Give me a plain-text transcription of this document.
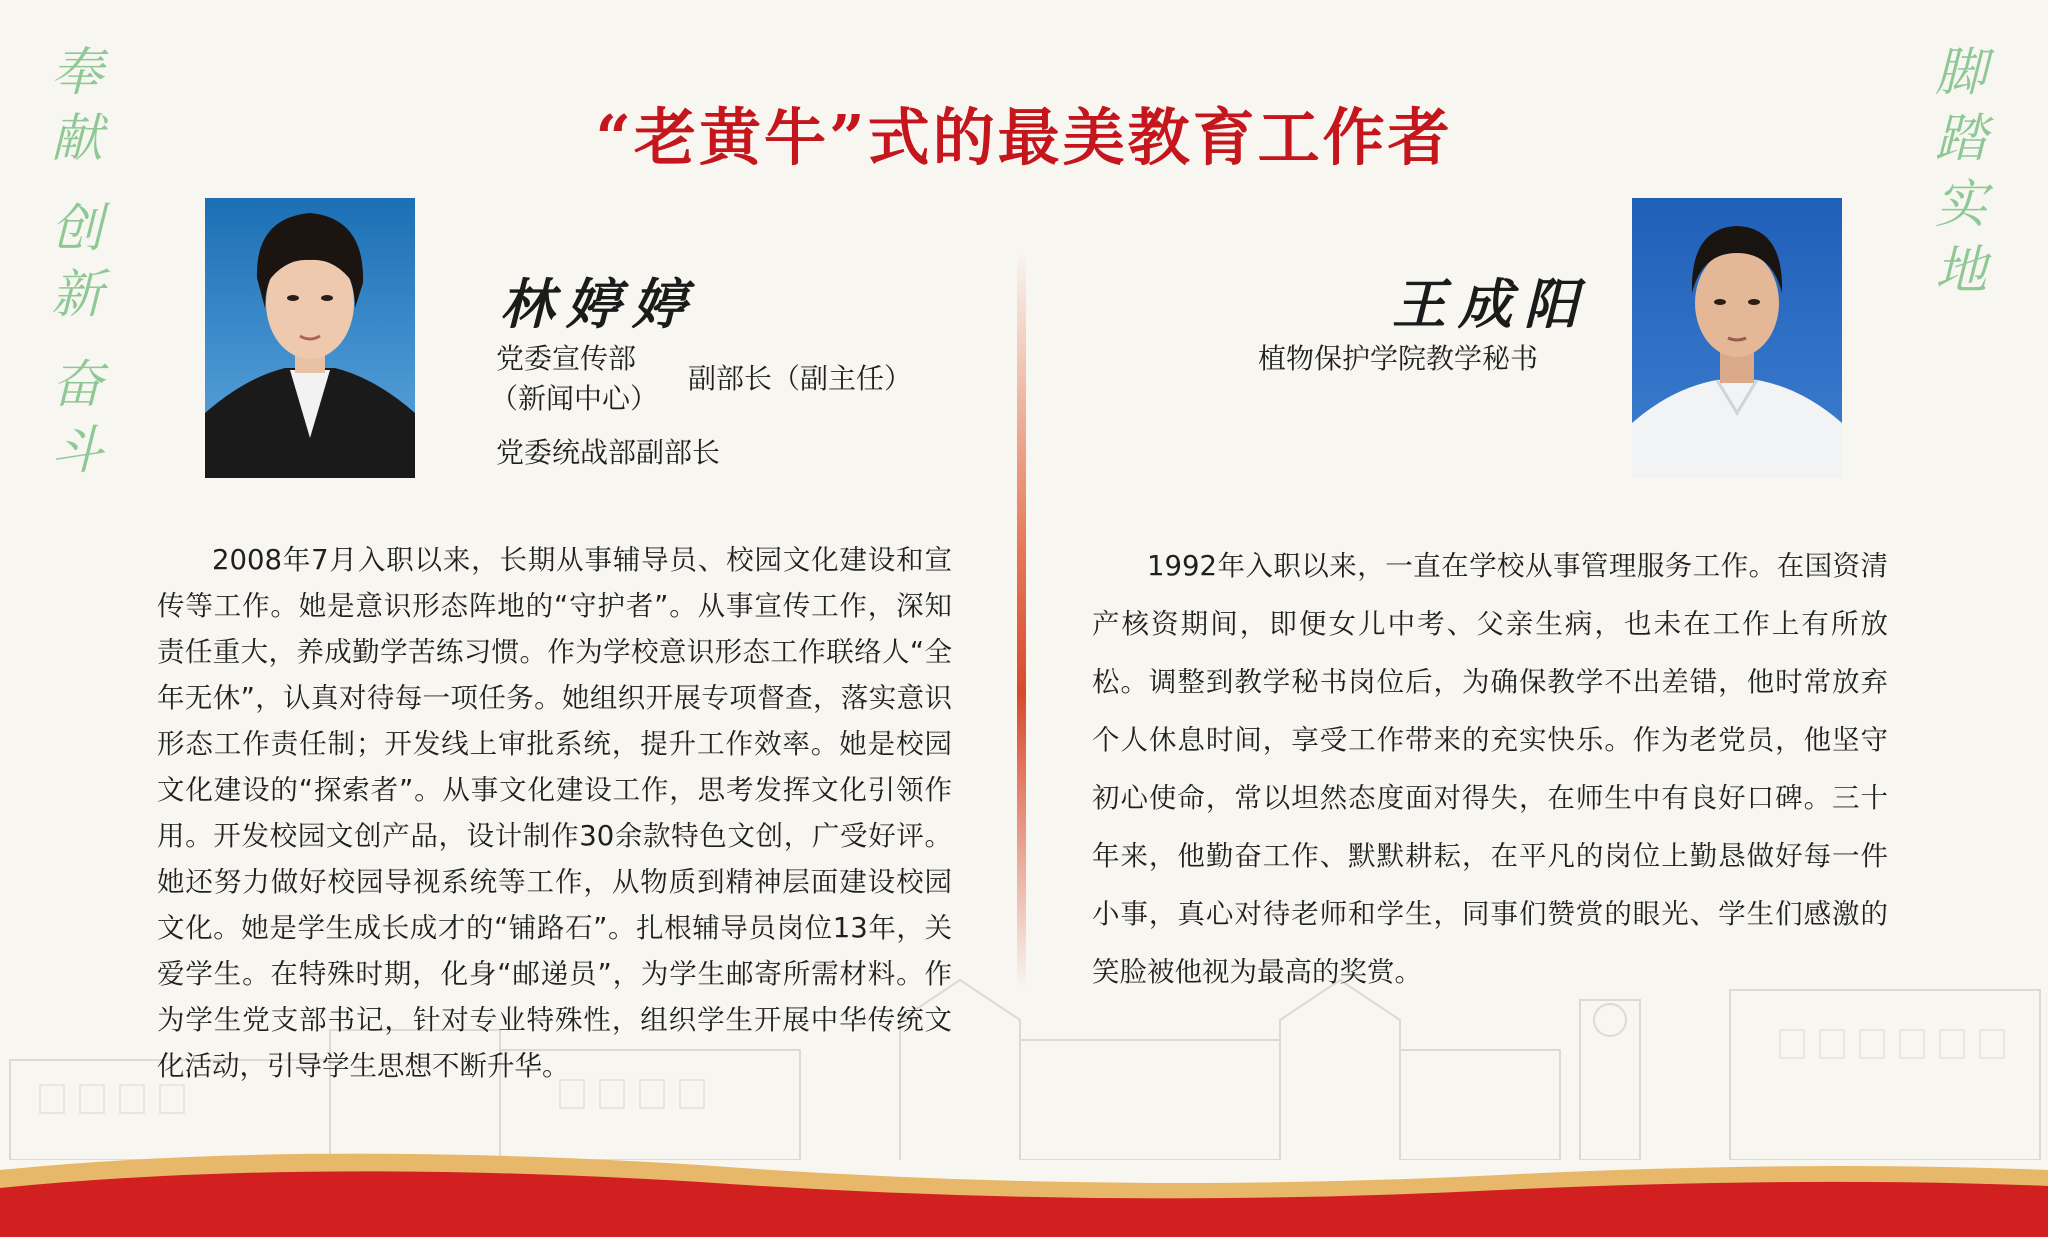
奉
献
创
新
奋
斗
脚
踏
实
地
“老黄牛”式的最美教育工作者
林婷婷
党委宣传部
（新闻中心）
副部长（副主任）
党委统战部副部长
王成阳
植物保护学院教学秘书
2008年7月入职以来，长期从事辅导员、校园文化建设和宣传等工作。她是意识形态阵地的“守护者”。从事宣传工作，深知责任重大，养成勤学苦练习惯。作为学校意识形态工作联络人“全年无休”，认真对待每一项任务。她组织开展专项督查，落实意识形态工作责任制；开发线上审批系统，提升工作效率。她是校园文化建设的“探索者”。从事文化建设工作，思考发挥文化引领作用。开发校园文创产品，设计制作30余款特色文创，广受好评。她还努力做好校园导视系统等工作，从物质到精神层面建设校园文化。她是学生成长成才的“铺路石”。扎根辅导员岗位13年，关爱学生。在特殊时期，化身“邮递员”，为学生邮寄所需材料。作为学生党支部书记，针对专业特殊性，组织学生开展中华传统文化活动，引导学生思想不断升华。
1992年入职以来，一直在学校从事管理服务工作。在国资清产核资期间，即便女儿中考、父亲生病，也未在工作上有所放松。调整到教学秘书岗位后，为确保教学不出差错，他时常放弃个人休息时间，享受工作带来的充实快乐。作为老党员，他坚守初心使命，常以坦然态度面对得失，在师生中有良好口碑。三十年来，他勤奋工作、默默耕耘，在平凡的岗位上勤恳做好每一件小事，真心对待老师和学生，同事们赞赏的眼光、学生们感激的笑脸被他视为最高的奖赏。
